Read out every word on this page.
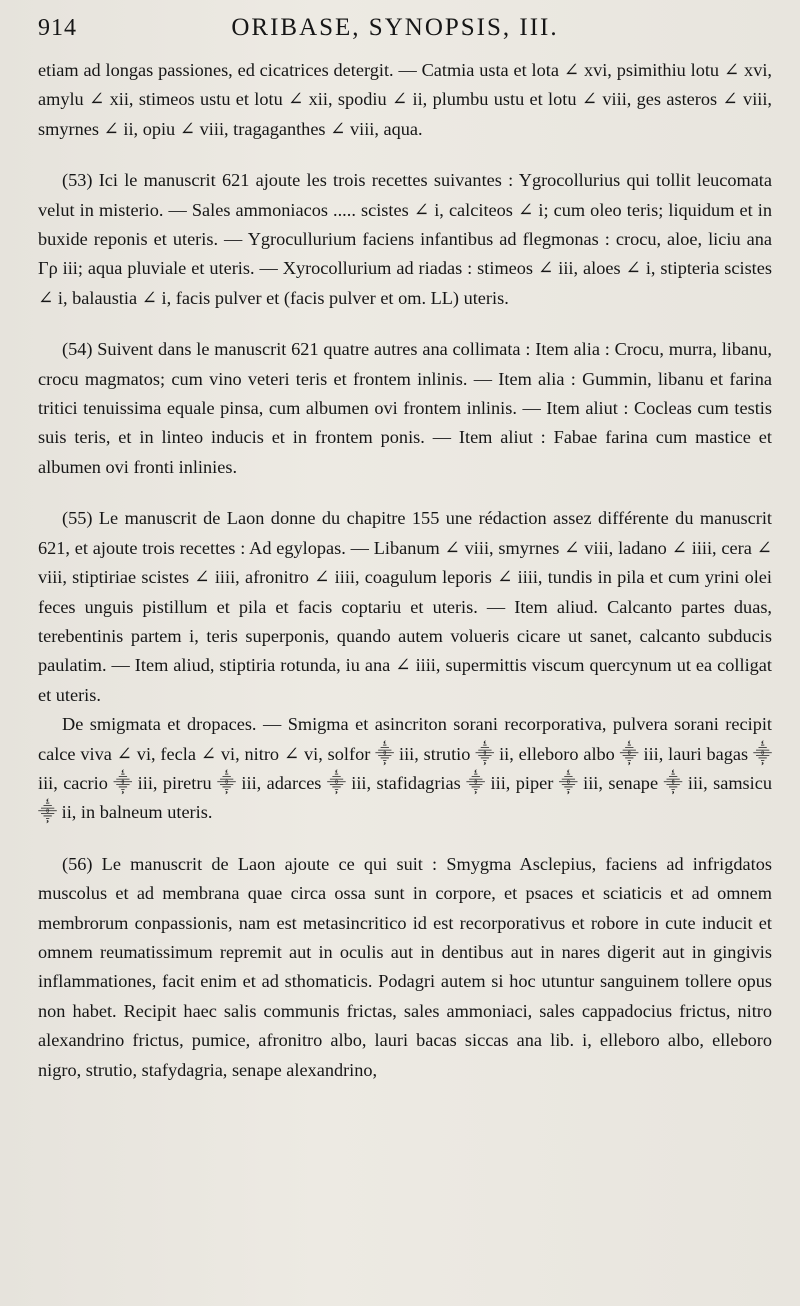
914	ORIBASE, SYNOPSIS, III.

etiam ad longas passiones, ed cicatrices detergit. — Catmia usta et lota ∠ xvi, psimithiu lotu ∠ xvi, amylu ∠ xii, stimeos ustu et lotu ∠ xii, spodiu ∠ ii, plumbu ustu et lotu ∠ viii, ges asteros ∠ viii, smyrnes ∠ ii, opiu ∠ viii, tragaganthes ∠ viii, aqua.

(53) Ici le manuscrit 621 ajoute les trois recettes suivantes : Ygrocollurius qui tollit leucomata velut in misterio. — Sales ammoniacos ..... scistes ∠ i, calciteos ∠ i; cum oleo teris; liquidum et in buxide reponis et uteris. — Ygrocullurium faciens infantibus ad flegmonas : crocu, aloe, liciu ana Γρ iii; aqua pluviale et uteris. — Xyrocollurium ad riadas : stimeos ∠ iii, aloes ∠ i, stipteria scistes ∠ i, balaustia ∠ i, facis pulver et (facis pulver et om. LL) uteris.

(54) Suivent dans le manuscrit 621 quatre autres ana collimata : Item alia : Crocu, murra, libanu, crocu magmatos; cum vino veteri teris et frontem inlinis. — Item alia : Gummin, libanu et farina tritici tenuissima equale pinsa, cum albumen ovi frontem inlinis. — Item aliut : Cocleas cum testis suis teris, et in linteo inducis et in frontem ponis. — Item aliut : Fabae farina cum mastice et albumen ovi fronti inlinies.

(55) Le manuscrit de Laon donne du chapitre 155 une rédaction assez différente du manuscrit 621, et ajoute trois recettes : Ad egylopas. — Libanum ∠ viii, smyrnes ∠ viii, ladano ∠ iiii, cera ∠ viii, stiptiriae scistes ∠ iiii, afronitro ∠ iiii, coagulum leporis ∠ iiii, tundis in pila et cum yrini olei feces unguis pistillum et pila et facis coptariu et uteris. — Item aliud. Calcanto partes duas, terebentinis partem i, teris superponis, quando autem volueris cicare ut sanet, calcanto subducis paulatim. — Item aliud, stiptiria rotunda, iu ana ∠ iiii, supermittis viscum quercynum ut ea colligat et uteris.

De smigmata et dropaces. — Smigma et asincriton sorani recorporativa, pulvera sorani recipit calce viva ∠ vi, fecla ∠ vi, nitro ∠ vi, solfor ⸎ iii, strutio ⸎ ii, elleboro albo ⸎ iii, lauri bagas ⸎ iii, cacrio ⸎ iii, piretru ⸎ iii, adarces ⸎ iii, stafidagrias ⸎ iii, piper ⸎ iii, senape ⸎ iii, samsicu ⸎ ii, in balneum uteris.

(56) Le manuscrit de Laon ajoute ce qui suit : Smygma Asclepius, faciens ad infrigdatos muscolus et ad membrana quae circa ossa sunt in corpore, et psaces et sciaticis et ad omnem membrorum conpassionis, nam est metasincritico id est recorporativus et robore in cute inducit et omnem reumatissimum repremit aut in oculis aut in dentibus aut in nares digerit aut in gingivis inflammationes, facit enim et ad sthomaticis. Podagri autem si hoc utuntur sanguinem tollere opus non habet. Recipit haec salis communis frictas, sales ammoniaci, sales cappadocius frictus, nitro alexandrino frictus, pumice, afronitro albo, lauri bacas siccas ana lib. i, elleboro albo, elleboro nigro, strutio, stafydagria, senape alexandrino,
